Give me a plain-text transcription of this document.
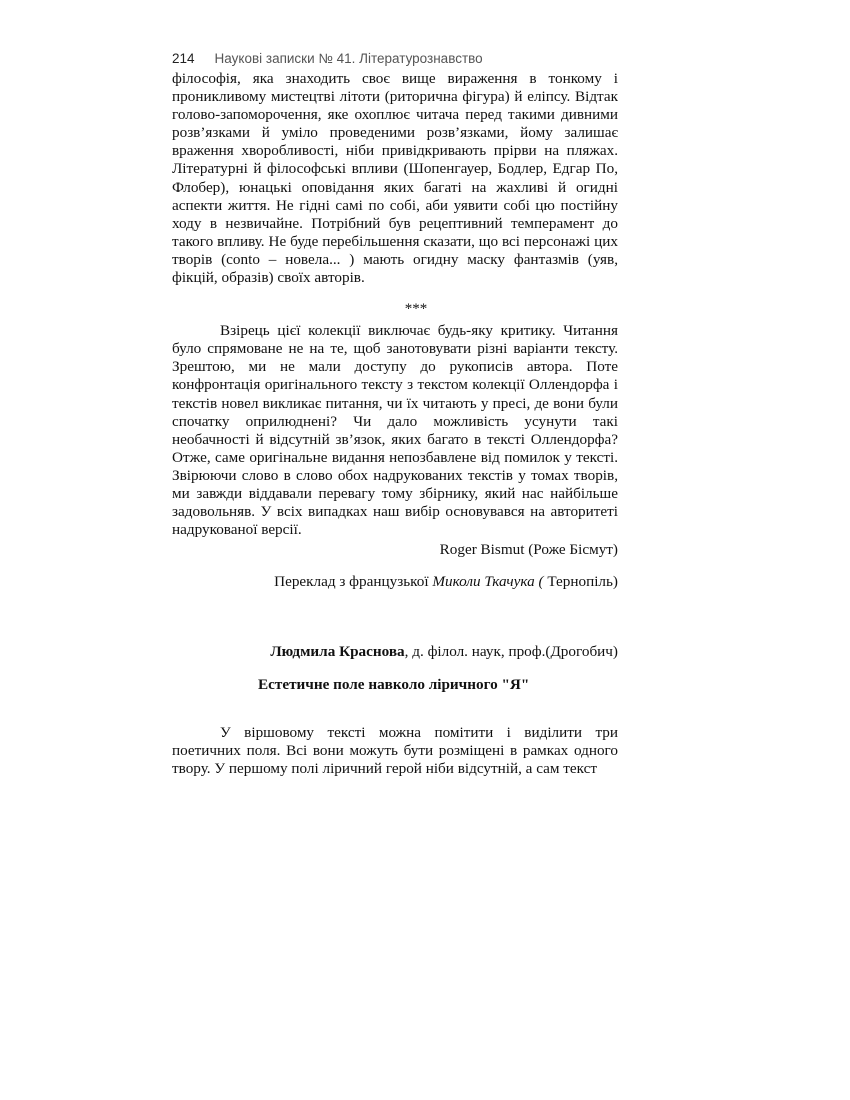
214 Наукові записки № 41. Літературознавство

філософія, яка знаходить своє вище вираження в тонкому і проникливому мистецтві літоти (риторична фігура) й еліпсу. Відтак голово-запоморочення, яке охоплює читача перед такими дивними розв’язками й уміло проведеними розв’язками, йому залишає враження хворобливості, ніби привідкривають прірви на пляжах. Літературні й філософські впливи (Шопенгауер, Бодлер, Едгар По, Флобер), юнацькі оповідання яких багаті на жахливі й огидні аспекти життя. Не гідні самі по собі, аби уявити собі цю постійну ходу в незвичайне. Потрібний був рецептивний темперамент до такого впливу. Не буде перебільшення сказати, що всі персонажі цих творів (conto – новела... ) мають огидну маску фантазмів (уяв, фікцій, образів) своїх авторів.

***

Взірець цієї колекції виключає будь-яку критику. Читання було спрямоване не на те, щоб занотовувати різні варіанти тексту. Зрештою, ми не мали доступу до рукописів автора. Поте конфронтація оригінального тексту з текстом колекції Оллендорфа і текстів новел викликає питання, чи їх читають у пресі, де вони були спочатку оприлюднені? Чи дало можливість усунути такі необачності й відсутній зв’язок, яких багато в тексті Оллендорфа? Отже, саме оригінальне видання непозбавлене від помилок у тексті. Звірюючи слово в слово обох надрукованих текстів у томах творів, ми завжди віддавали перевагу тому збірнику, який нас найбільше задовольняв. У всіх випадках наш вибір основувався на авторитеті надрукованої версії.

Roger Bismut (Роже Бісмут)
Переклад з французької Миколи Ткачука ( Тернопіль)
Людмила Краснова, д. філол. наук, проф.(Дрогобич)
Естетичне поле навколо ліричного "Я"

У віршовому тексті можна помітити і виділити три поетичних поля. Всі вони можуть бути розміщені в рамках одного твору. У першому полі ліричний герой ніби відсутній, а сам текст
